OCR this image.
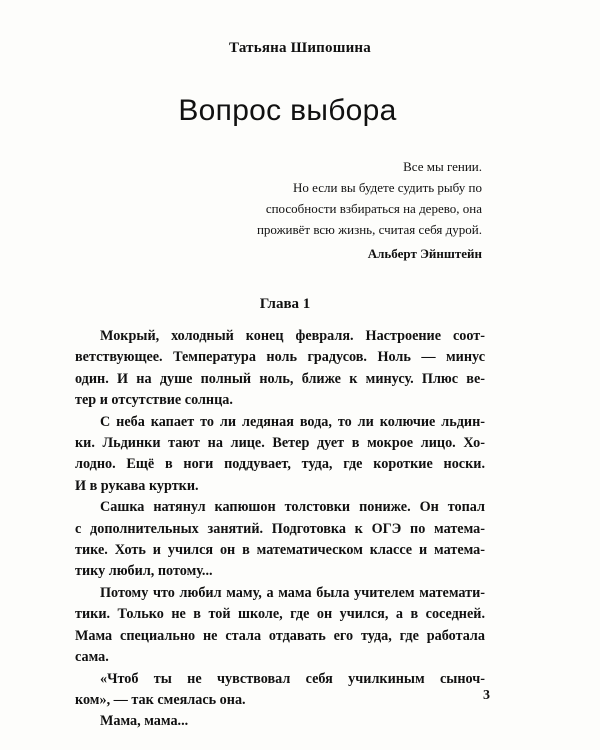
Татьяна Шипошина
Вопрос выбора
Все мы гении.
Но если вы будете судить рыбу по
способности взбираться на дерево, она
проживёт всю жизнь, считая себя дурой.
Альберт Эйнштейн
Глава 1
Мокрый, холодный конец февраля. Настроение соот-
ветствующее. Температура ноль градусов. Ноль — минус
один. И на душе полный ноль, ближе к минусу. Плюс ве-
тер и отсутствие солнца.
С неба капает то ли ледяная вода, то ли колючие льдин-
ки. Льдинки тают на лице. Ветер дует в мокрое лицо. Хо-
лодно. Ещё в ноги поддувает, туда, где короткие носки.
И в рукава куртки.
Сашка натянул капюшон толстовки пониже. Он топал
с дополнительных занятий. Подготовка к ОГЭ по матема-
тике. Хоть и учился он в математическом классе и матема-
тику любил, потому...
Потому что любил маму, а мама была учителем математи-
тики. Только не в той школе, где он учился, а в соседней.
Мама специально не стала отдавать его туда, где работала
сама.
«Чтоб ты не чувствовал себя училкиным сыноч-
ком», — так смеялась она.
Мама, мама...
3
